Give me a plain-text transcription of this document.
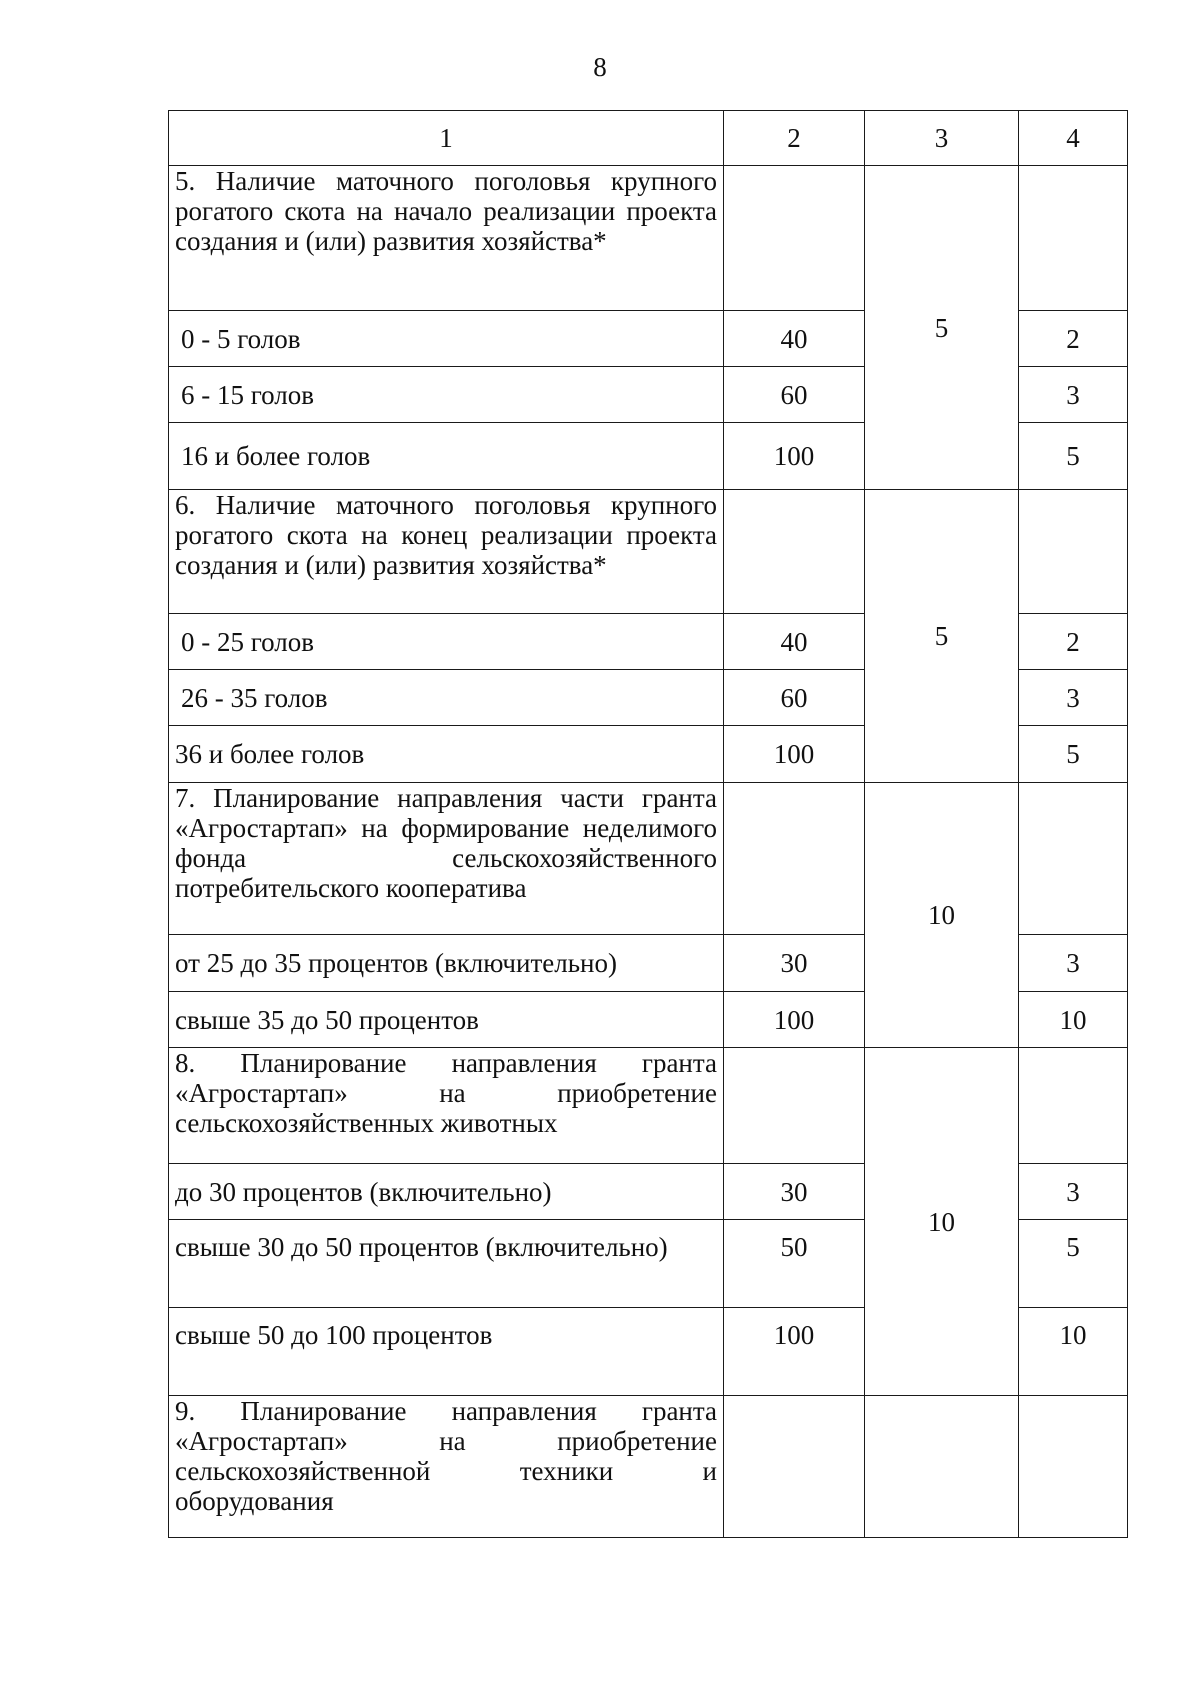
8
1	2	3	4
5. Наличие маточного поголовья крупного рогатого скота на начало реализации проекта создания и (или) развития хозяйства*		5	
0 - 5 голов	40		2
6 - 15 голов	60		3
16 и более голов	100		5
6. Наличие маточного поголовья крупного рогатого скота на конец реализации проекта создания и (или) развития хозяйства*		5	
0 - 25 голов	40		2
26 - 35 голов	60		3
36 и более голов	100		5
7. Планирование направления части гранта «Агростартап» на формирование неделимого фонда сельскохозяйственного потребительского кооператива		10	
от 25 до 35 процентов (включительно)	30		3
свыше 35 до 50 процентов	100		10
8. Планирование направления гранта «Агростартап» на приобретение сельскохозяйственных животных		10	
до 30 процентов (включительно)	30		3
свыше 30 до 50 процентов (включительно)	50		5
свыше 50 до 100 процентов	100		10
9. Планирование направления гранта «Агростартап» на приобретение сельскохозяйственной техники и оборудования			
